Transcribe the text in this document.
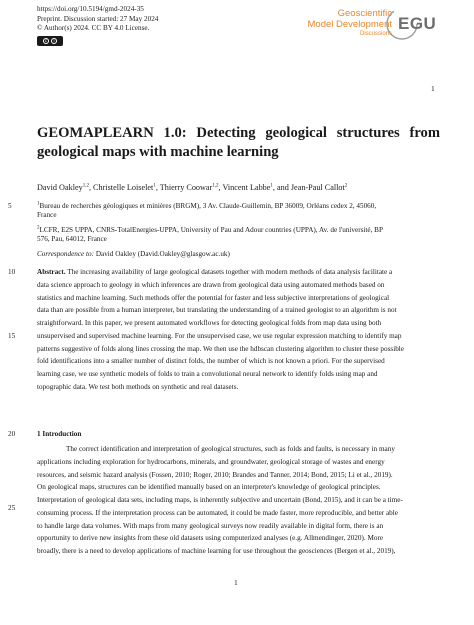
https://doi.org/10.5194/gmd-2024-35
Preprint. Discussion started: 27 May 2024
© Author(s) 2024. CC BY 4.0 License.
c	i
Geoscientific
Model Development
Discussions
EGU
1
GEOMAPLEARN 1.0: Detecting geological structures from geological maps with machine learning
David Oakley$^{1,2}$, Christelle Loiselet$^1$, Thierry Coowar$^{1,2}$, Vincent Labbe$^1$, and Jean-Paul Callot$^2$
5	$^1$Bureau de recherches géologiques et minières (BRGM), 3 Av. Claude-Guillemin, BP 36009, Orléans cedex 2, 45060,
France
$^2$LCFR, E2S UPPA, CNRS-TotalEnergies-UPPA, University of Pau and Adour countries (UPPA), Av. de l'université, BP
576, Pau, 64012, France
Correspondence to: David Oakley (David.Oakley@glasgow.ac.uk)
10
15

Abstract. The increasing availability of large geological datasets together with modern methods of data analysis facilitate a

data science approach to geology in which inferences are drawn from geological data using automated methods based on

statistics and machine learning. Such methods offer the potential for faster and less subjective interpretations of geological

data than are possible from a human interpreter, but translating the understanding of a trained geologist to an algorithm is not

straightforward. In this paper, we present automated workflows for detecting geological folds from map data using both

unsupervised and supervised machine learning. For the unsupervised case, we use regular expression matching to identify map

patterns suggestive of folds along lines crossing the map. We then use the hdbscan clustering algorithm to cluster these possible

fold identifications into a smaller number of distinct folds, the number of which is not known a priori. For the supervised

learning case, we use synthetic models of folds to train a convolutional neural network to identify folds using map and

topographic data. We test both methods on synthetic and real datasets.

20	1 Introduction
25

The correct identification and interpretation of geological structures, such as folds and faults, is necessary in many

applications including exploration for hydrocarbons, minerals, and groundwater, geological storage of wastes and energy

resources, and seismic hazard analysis (Fossen, 2010; Roger, 2010; Brandes and Tanner, 2014; Bond, 2015; Li et al., 2019).

On geological maps, structures can be identified manually based on an interpreter's knowledge of geological principles.

Interpretation of geological data sets, including maps, is inherently subjective and uncertain (Bond, 2015), and it can be a time-

consuming process. If the interpretation process can be automated, it could be made faster, more reproducible, and better able

to handle large data volumes. With maps from many geological surveys now readily available in digital form, there is an

opportunity to derive new insights from these old datasets using computerized analyses (e.g. Allmendinger, 2020). More

broadly, there is a need to develop applications of machine learning for use throughout the geosciences (Bergen et al., 2019),

1
